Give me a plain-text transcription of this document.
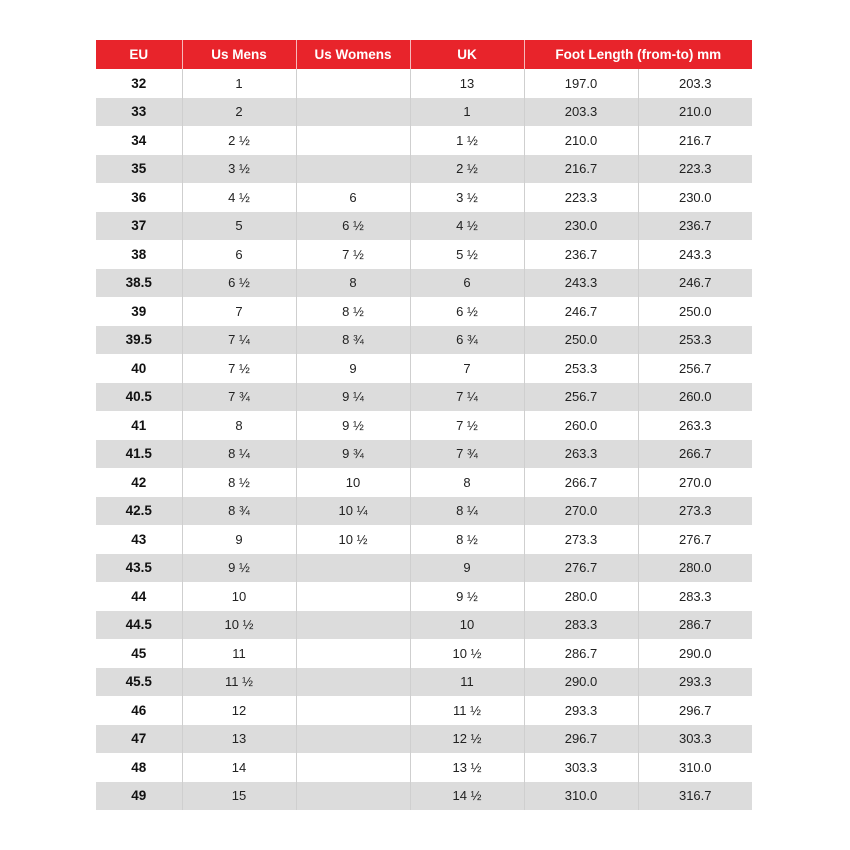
EU	Us Mens	Us Womens	UK	Foot Length (from-to) mm	
32	1		13	197.0	203.3
33	2		1	203.3	210.0
34	2 ½		1 ½	210.0	216.7
35	3 ½		2 ½	216.7	223.3
36	4 ½	6	3 ½	223.3	230.0
37	5	6 ½	4 ½	230.0	236.7
38	6	7 ½	5 ½	236.7	243.3
38.5	6 ½	8	6	243.3	246.7
39	7	8 ½	6 ½	246.7	250.0
39.5	7 ¼	8 ¾	6 ¾	250.0	253.3
40	7 ½	9	7	253.3	256.7
40.5	7 ¾	9 ¼	7 ¼	256.7	260.0
41	8	9 ½	7 ½	260.0	263.3
41.5	8 ¼	9 ¾	7 ¾	263.3	266.7
42	8 ½	10	8	266.7	270.0
42.5	8 ¾	10 ¼	8 ¼	270.0	273.3
43	9	10 ½	8 ½	273.3	276.7
43.5	9 ½		9	276.7	280.0
44	10		9 ½	280.0	283.3
44.5	10 ½		10	283.3	286.7
45	11		10 ½	286.7	290.0
45.5	11 ½		11	290.0	293.3
46	12		11 ½	293.3	296.7
47	13		12 ½	296.7	303.3
48	14		13 ½	303.3	310.0
49	15		14 ½	310.0	316.7
